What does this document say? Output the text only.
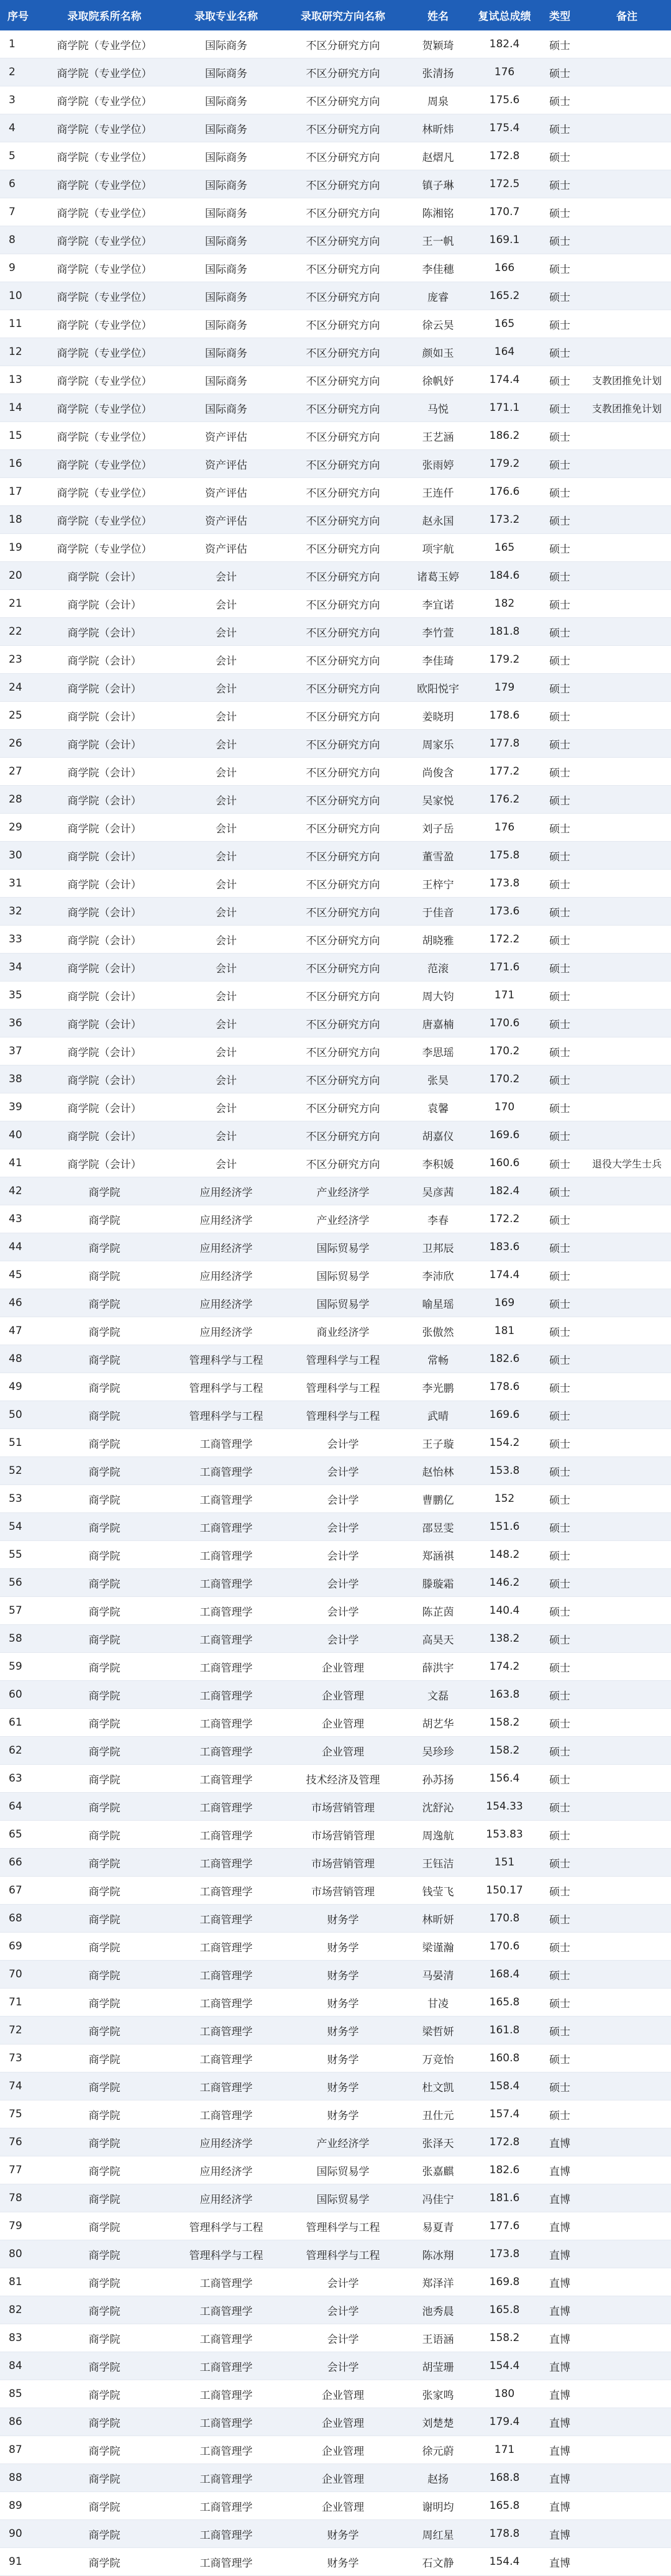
序号	录取院系所名称	录取专业名称	录取研究方向名称	姓名	复试总成绩	类型	备注
1	商学院（专业学位）	国际商务	不区分研究方向	贺颖琦	182.4	硕士	
2	商学院（专业学位）	国际商务	不区分研究方向	张清扬	176	硕士	
3	商学院（专业学位）	国际商务	不区分研究方向	周泉	175.6	硕士	
4	商学院（专业学位）	国际商务	不区分研究方向	林昕炜	175.4	硕士	
5	商学院（专业学位）	国际商务	不区分研究方向	赵熠凡	172.8	硕士	
6	商学院（专业学位）	国际商务	不区分研究方向	镇子琳	172.5	硕士	
7	商学院（专业学位）	国际商务	不区分研究方向	陈湘铭	170.7	硕士	
8	商学院（专业学位）	国际商务	不区分研究方向	王一帆	169.1	硕士	
9	商学院（专业学位）	国际商务	不区分研究方向	李佳穗	166	硕士	
10	商学院（专业学位）	国际商务	不区分研究方向	庞睿	165.2	硕士	
11	商学院（专业学位）	国际商务	不区分研究方向	徐云昊	165	硕士	
12	商学院（专业学位）	国际商务	不区分研究方向	颜如玉	164	硕士	
13	商学院（专业学位）	国际商务	不区分研究方向	徐帆妤	174.4	硕士	支教团推免计划
14	商学院（专业学位）	国际商务	不区分研究方向	马悦	171.1	硕士	支教团推免计划
15	商学院（专业学位）	资产评估	不区分研究方向	王艺涵	186.2	硕士	
16	商学院（专业学位）	资产评估	不区分研究方向	张雨婷	179.2	硕士	
17	商学院（专业学位）	资产评估	不区分研究方向	王连仟	176.6	硕士	
18	商学院（专业学位）	资产评估	不区分研究方向	赵永国	173.2	硕士	
19	商学院（专业学位）	资产评估	不区分研究方向	项宇航	165	硕士	
20	商学院（会计）	会计	不区分研究方向	诸葛玉婷	184.6	硕士	
21	商学院（会计）	会计	不区分研究方向	李宜诺	182	硕士	
22	商学院（会计）	会计	不区分研究方向	李竹萱	181.8	硕士	
23	商学院（会计）	会计	不区分研究方向	李佳琦	179.2	硕士	
24	商学院（会计）	会计	不区分研究方向	欧阳悦宇	179	硕士	
25	商学院（会计）	会计	不区分研究方向	姜晓玥	178.6	硕士	
26	商学院（会计）	会计	不区分研究方向	周家乐	177.8	硕士	
27	商学院（会计）	会计	不区分研究方向	尚俊含	177.2	硕士	
28	商学院（会计）	会计	不区分研究方向	吴家悦	176.2	硕士	
29	商学院（会计）	会计	不区分研究方向	刘子岳	176	硕士	
30	商学院（会计）	会计	不区分研究方向	董雪盈	175.8	硕士	
31	商学院（会计）	会计	不区分研究方向	王梓宁	173.8	硕士	
32	商学院（会计）	会计	不区分研究方向	于佳音	173.6	硕士	
33	商学院（会计）	会计	不区分研究方向	胡晓雅	172.2	硕士	
34	商学院（会计）	会计	不区分研究方向	范滚	171.6	硕士	
35	商学院（会计）	会计	不区分研究方向	周大钧	171	硕士	
36	商学院（会计）	会计	不区分研究方向	唐嘉楠	170.6	硕士	
37	商学院（会计）	会计	不区分研究方向	李思瑶	170.2	硕士	
38	商学院（会计）	会计	不区分研究方向	张昊	170.2	硕士	
39	商学院（会计）	会计	不区分研究方向	袁馨	170	硕士	
40	商学院（会计）	会计	不区分研究方向	胡嘉仪	169.6	硕士	
41	商学院（会计）	会计	不区分研究方向	李积媛	160.6	硕士	退役大学生士兵
42	商学院	应用经济学	产业经济学	吴彦茜	182.4	硕士	
43	商学院	应用经济学	产业经济学	李春	172.2	硕士	
44	商学院	应用经济学	国际贸易学	卫邦辰	183.6	硕士	
45	商学院	应用经济学	国际贸易学	李沛欣	174.4	硕士	
46	商学院	应用经济学	国际贸易学	喻星瑶	169	硕士	
47	商学院	应用经济学	商业经济学	张傲然	181	硕士	
48	商学院	管理科学与工程	管理科学与工程	常畅	182.6	硕士	
49	商学院	管理科学与工程	管理科学与工程	李光鹏	178.6	硕士	
50	商学院	管理科学与工程	管理科学与工程	武晴	169.6	硕士	
51	商学院	工商管理学	会计学	王子璇	154.2	硕士	
52	商学院	工商管理学	会计学	赵怡林	153.8	硕士	
53	商学院	工商管理学	会计学	曹鹏亿	152	硕士	
54	商学院	工商管理学	会计学	邵昱雯	151.6	硕士	
55	商学院	工商管理学	会计学	郑涵祺	148.2	硕士	
56	商学院	工商管理学	会计学	滕璇霜	146.2	硕士	
57	商学院	工商管理学	会计学	陈芷茵	140.4	硕士	
58	商学院	工商管理学	会计学	高昊天	138.2	硕士	
59	商学院	工商管理学	企业管理	薛洪宇	174.2	硕士	
60	商学院	工商管理学	企业管理	文磊	163.8	硕士	
61	商学院	工商管理学	企业管理	胡艺华	158.2	硕士	
62	商学院	工商管理学	企业管理	吴珍珍	158.2	硕士	
63	商学院	工商管理学	技术经济及管理	孙苏扬	156.4	硕士	
64	商学院	工商管理学	市场营销管理	沈舒沁	154.33	硕士	
65	商学院	工商管理学	市场营销管理	周逸航	153.83	硕士	
66	商学院	工商管理学	市场营销管理	王钰洁	151	硕士	
67	商学院	工商管理学	市场营销管理	钱莹飞	150.17	硕士	
68	商学院	工商管理学	财务学	林昕妍	170.8	硕士	
69	商学院	工商管理学	财务学	梁谨瀚	170.6	硕士	
70	商学院	工商管理学	财务学	马晏清	168.4	硕士	
71	商学院	工商管理学	财务学	甘凌	165.8	硕士	
72	商学院	工商管理学	财务学	梁哲妍	161.8	硕士	
73	商学院	工商管理学	财务学	万竞怡	160.8	硕士	
74	商学院	工商管理学	财务学	杜文凯	158.4	硕士	
75	商学院	工商管理学	财务学	丑仕元	157.4	硕士	
76	商学院	应用经济学	产业经济学	张泽天	172.8	直博	
77	商学院	应用经济学	国际贸易学	张嘉麒	182.6	直博	
78	商学院	应用经济学	国际贸易学	冯佳宁	181.6	直博	
79	商学院	管理科学与工程	管理科学与工程	易夏青	177.6	直博	
80	商学院	管理科学与工程	管理科学与工程	陈冰翔	173.8	直博	
81	商学院	工商管理学	会计学	郑泽洋	169.8	直博	
82	商学院	工商管理学	会计学	池秀晨	165.8	直博	
83	商学院	工商管理学	会计学	王语涵	158.2	直博	
84	商学院	工商管理学	会计学	胡莹珊	154.4	直博	
85	商学院	工商管理学	企业管理	张家鸣	180	直博	
86	商学院	工商管理学	企业管理	刘楚楚	179.4	直博	
87	商学院	工商管理学	企业管理	徐元蔚	171	直博	
88	商学院	工商管理学	企业管理	赵扬	168.8	直博	
89	商学院	工商管理学	企业管理	谢明均	165.8	直博	
90	商学院	工商管理学	财务学	周红星	178.8	直博	
91	商学院	工商管理学	财务学	石文静	154.4	直博	
